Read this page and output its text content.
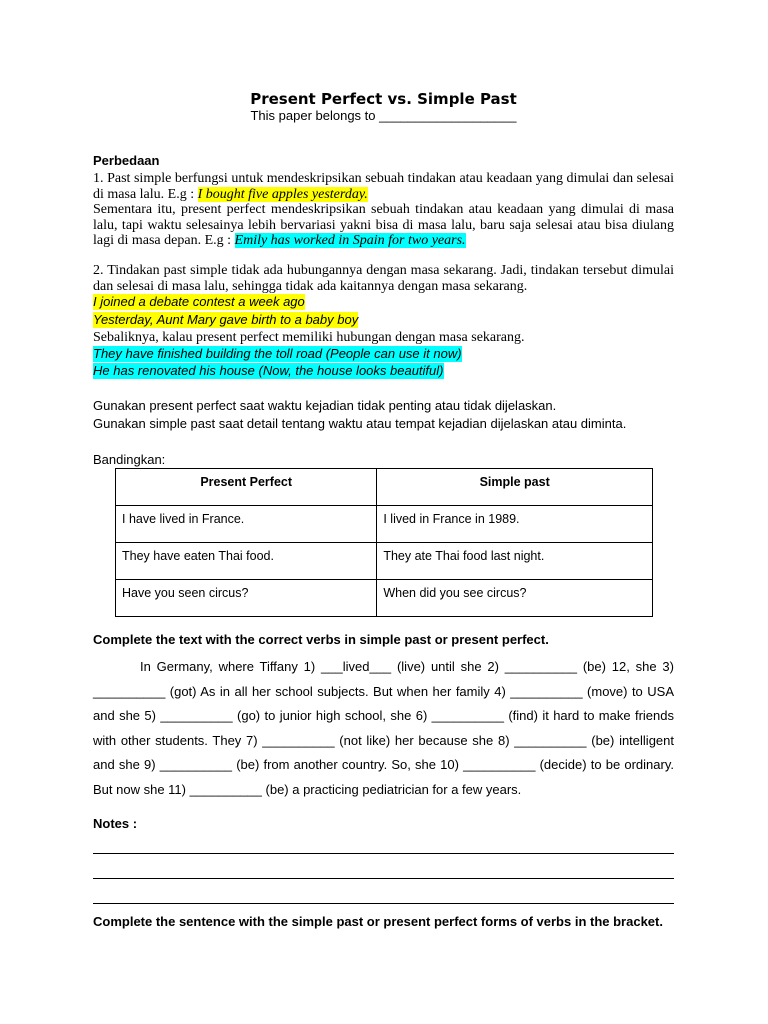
Present Perfect vs. Simple Past
This paper belongs to ___________________
Perbedaan
1. Past simple berfungsi untuk mendeskripsikan sebuah tindakan atau keadaan yang dimulai dan selesai di masa lalu. E.g : I bought five apples yesterday.
Sementara itu, present perfect mendeskripsikan sebuah tindakan atau keadaan yang dimulai di masa lalu, tapi waktu selesainya lebih bervariasi yakni bisa di masa lalu, baru saja selesai atau bisa diulang lagi di masa depan. E.g : Emily has worked in Spain for two years.
2. Tindakan past simple tidak ada hubungannya dengan masa sekarang. Jadi, tindakan tersebut dimulai dan selesai di masa lalu, sehingga tidak ada kaitannya dengan masa sekarang.
I joined a debate contest a week ago
Yesterday, Aunt Mary gave birth to a baby boy
Sebaliknya, kalau present perfect memiliki hubungan dengan masa sekarang.
They have finished building the toll road (People can use it now)
He has renovated his house (Now, the house looks beautiful)
Gunakan present perfect saat waktu kejadian tidak penting atau tidak dijelaskan.
Gunakan simple past saat detail tentang waktu atau tempat kejadian dijelaskan atau diminta.
Bandingkan:
Present Perfect	Simple past
I have lived in France.	I lived in France in 1989.
They have eaten Thai food.	They ate Thai food last night.
Have you seen circus?	When did you see circus?
Complete the text with the correct verbs in simple past or present perfect.
In Germany, where Tiffany 1) ___lived___ (live) until she 2) __________ (be) 12, she 3) __________ (got) As in all her school subjects. But when her family 4) __________ (move) to USA and she 5) __________ (go) to junior high school, she 6) __________ (find) it hard to make friends with other students. They 7) __________ (not like) her because she 8) __________ (be) intelligent and she 9) __________ (be) from another country. So, she 10) __________ (decide) to be ordinary. But now she 11) __________ (be) a practicing pediatrician for a few years.
Notes :
Complete the sentence with the simple past or present perfect forms of verbs in the bracket.
